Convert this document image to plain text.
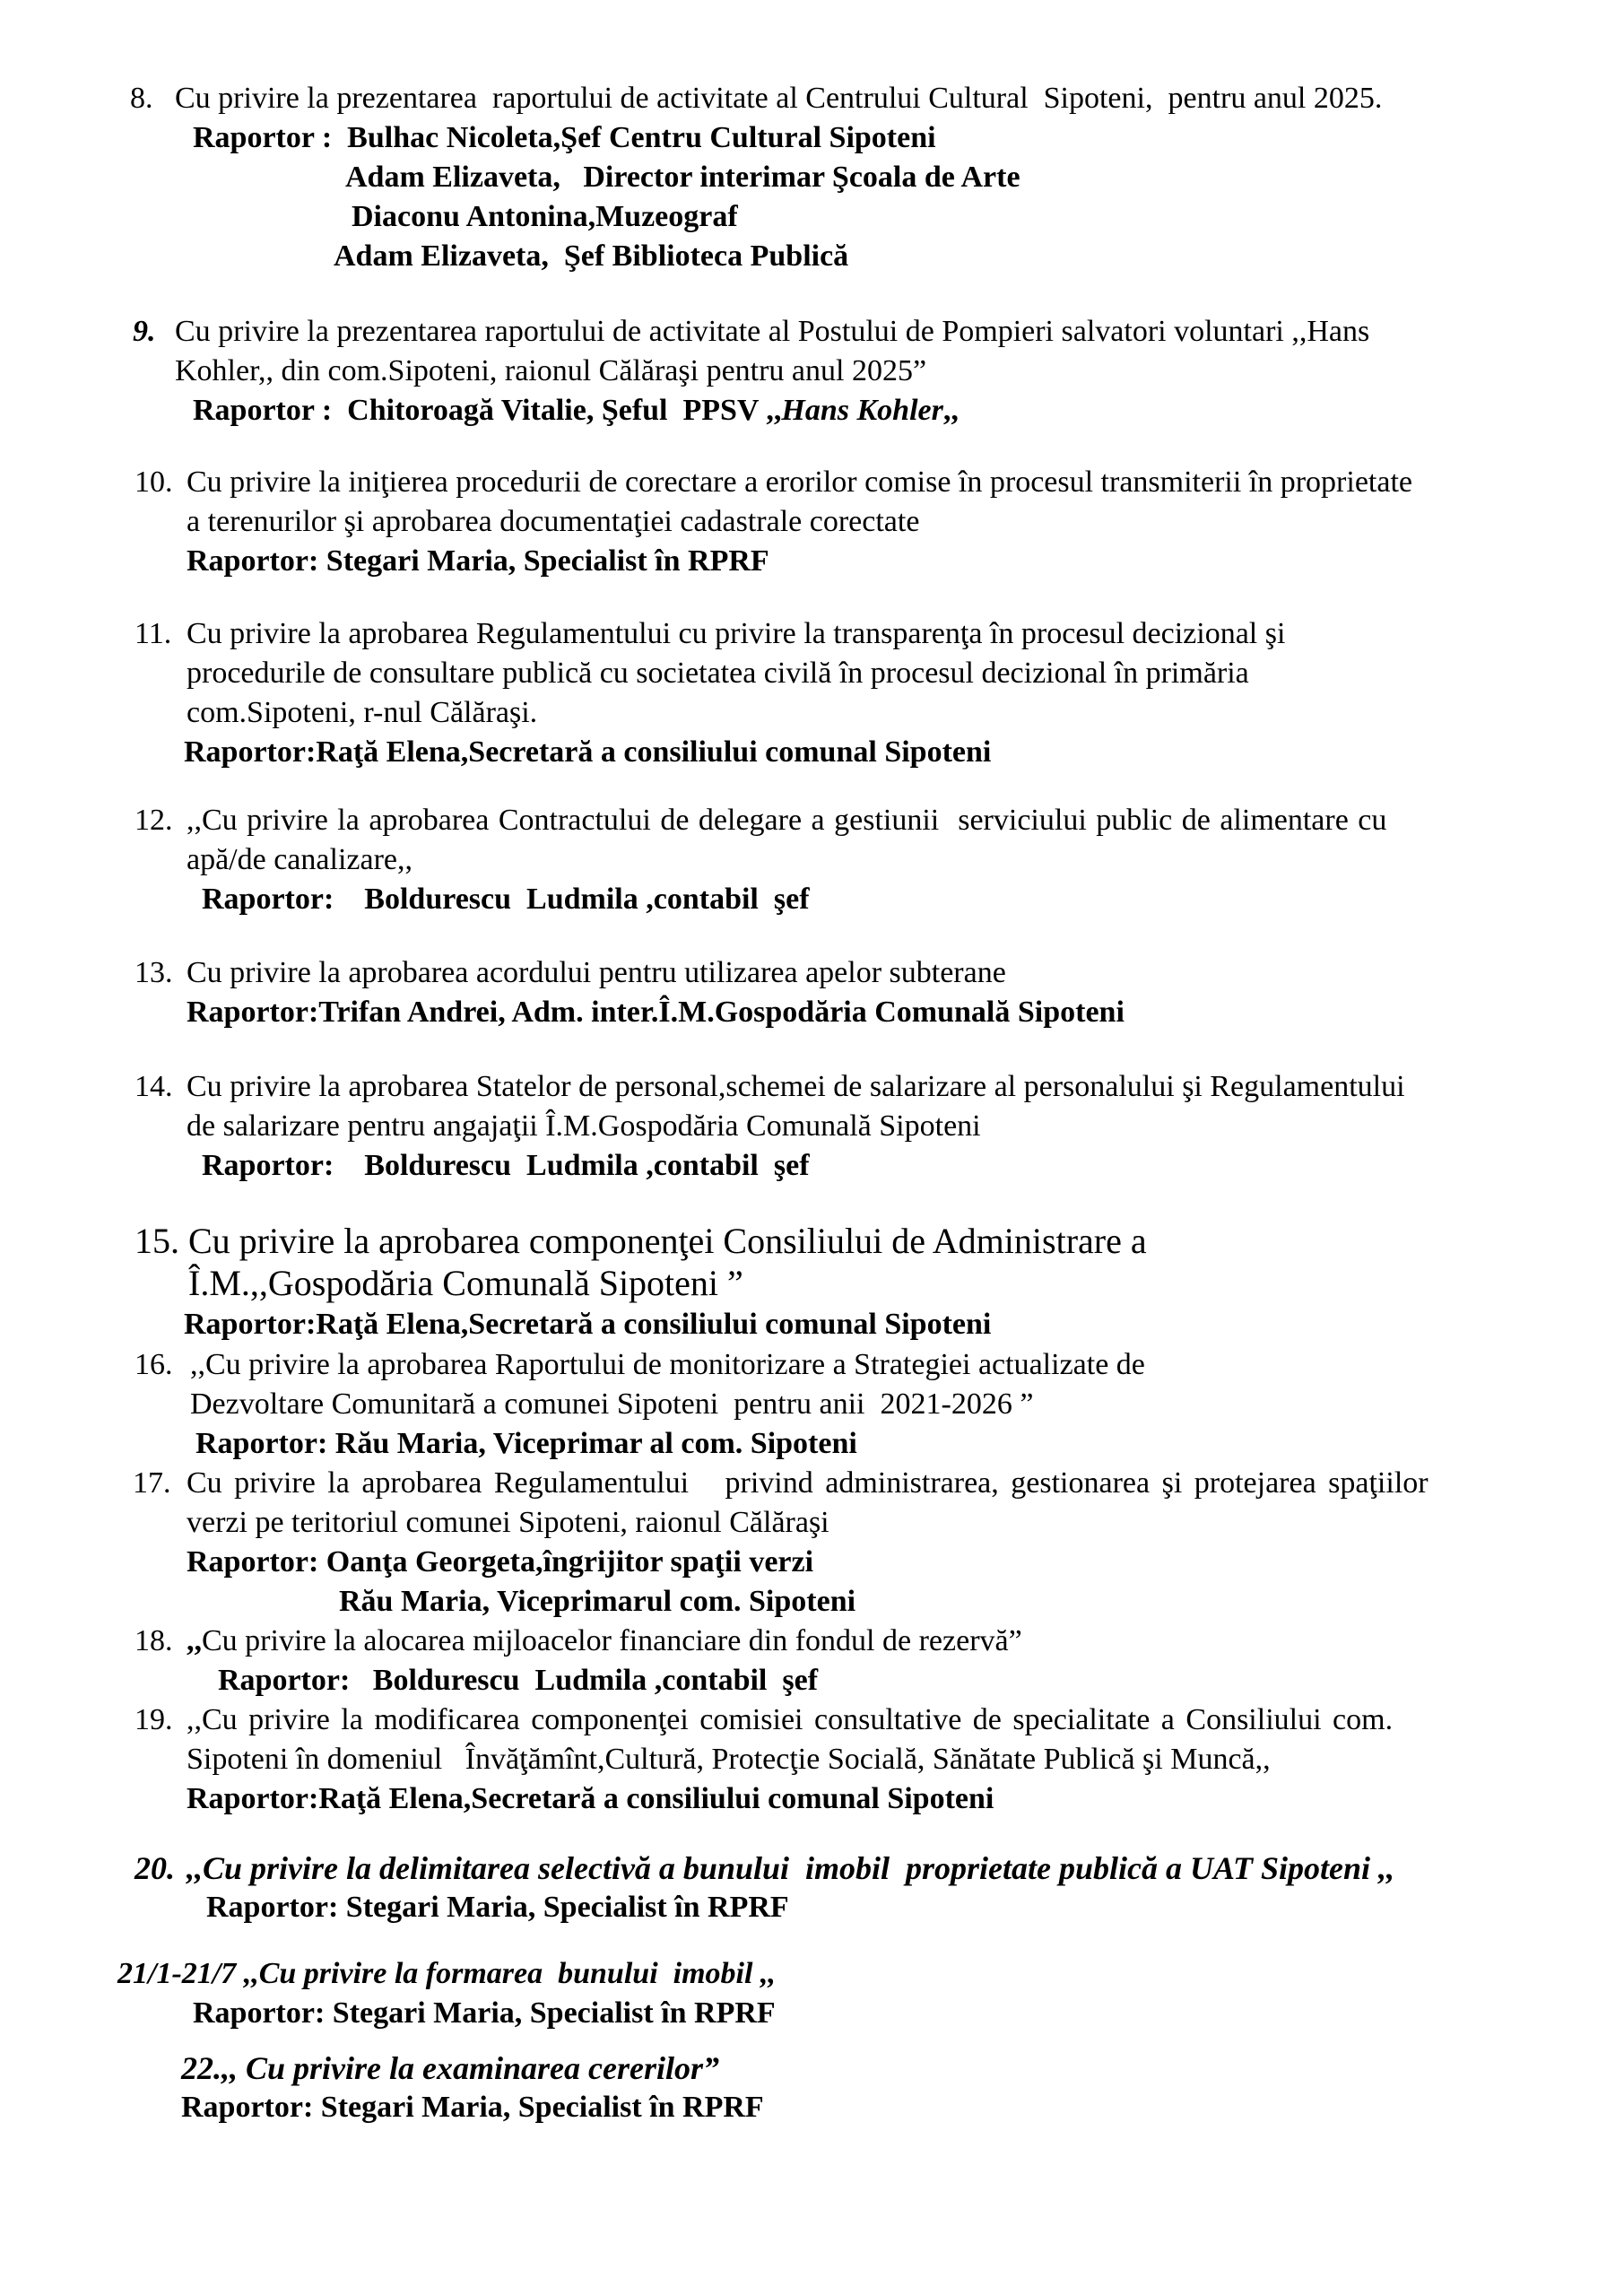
8. Cu privire la prezentarea  raportului de activitate al Centrului Cultural  Sipoteni,  pentru anul 2025.
Raportor :  Bulhac Nicoleta,Şef Centru Cultural Sipoteni
Adam Elizaveta,   Director interimar Şcoala de Arte
Diaconu Antonina,Muzeograf
Adam Elizaveta,  Şef Biblioteca Publică
9. Cu privire la prezentarea raportului de activitate al Postului de Pompieri salvatori voluntari ,,Hans
Kohler,, din com.Sipoteni, raionul Călăraşi pentru anul 2025”
Raportor :  Chitoroagă Vitalie, Şeful  PPSV ,,Hans Kohler,,
10. Cu privire la iniţierea procedurii de corectare a erorilor comise în procesul transmiterii în proprietate
a terenurilor şi aprobarea documentaţiei cadastrale corectate
Raportor: Stegari Maria, Specialist în RPRF
11. Cu privire la aprobarea Regulamentului cu privire la transparenţa în procesul decizional şi
procedurile de consultare publică cu societatea civilă în procesul decizional în primăria
com.Sipoteni, r-nul Călăraşi.
Raportor:Raţă Elena,Secretară a consiliului comunal Sipoteni
12. ,,Cu privire la aprobarea Contractului de delegare a gestiunii  serviciului public de alimentare cu
apă/de canalizare,,
Raportor:    Boldurescu  Ludmila ,contabil  şef
13. Cu privire la aprobarea acordului pentru utilizarea apelor subterane
Raportor:Trifan Andrei, Adm. inter.Î.M.Gospodăria Comunală Sipoteni
14. Cu privire la aprobarea Statelor de personal,schemei de salarizare al personalului şi Regulamentului
de salarizare pentru angajaţii Î.M.Gospodăria Comunală Sipoteni
Raportor:    Boldurescu  Ludmila ,contabil  şef
15. Cu privire la aprobarea componenţei Consiliului de Administrare a
Î.M.,,Gospodăria Comunală Sipoteni ”
Raportor:Raţă Elena,Secretară a consiliului comunal Sipoteni
16. ,,Cu privire la aprobarea Raportului de monitorizare a Strategiei actualizate de
Dezvoltare Comunitară a comunei Sipoteni  pentru anii  2021-2026 ”
Raportor: Rău Maria, Viceprimar al com. Sipoteni
17. Cu privire la aprobarea Regulamentului   privind administrarea, gestionarea şi protejarea spaţiilor
verzi pe teritoriul comunei Sipoteni, raionul Călăraşi
Raportor: Oanţa Georgeta,îngrijitor spaţii verzi
Rău Maria, Viceprimarul com. Sipoteni
18. ,,Cu privire la alocarea mijloacelor financiare din fondul de rezervă”
Raportor:   Boldurescu  Ludmila ,contabil  şef
19. ,,Cu privire la modificarea componenţei comisiei consultative de specialitate a Consiliului com.
Sipoteni în domeniul   Învăţămînt,Cultură, Protecţie Socială, Sănătate Publică şi Muncă,,
Raportor:Raţă Elena,Secretară a consiliului comunal Sipoteni
20. ,,Cu privire la delimitarea selectivă a bunului  imobil  proprietate publică a UAT Sipoteni ,,
Raportor: Stegari Maria, Specialist în RPRF
21/1-21/7 ,,Cu privire la formarea  bunului  imobil ,,
Raportor: Stegari Maria, Specialist în RPRF
22.,, Cu privire la examinarea cererilor”
Raportor: Stegari Maria, Specialist în RPRF
